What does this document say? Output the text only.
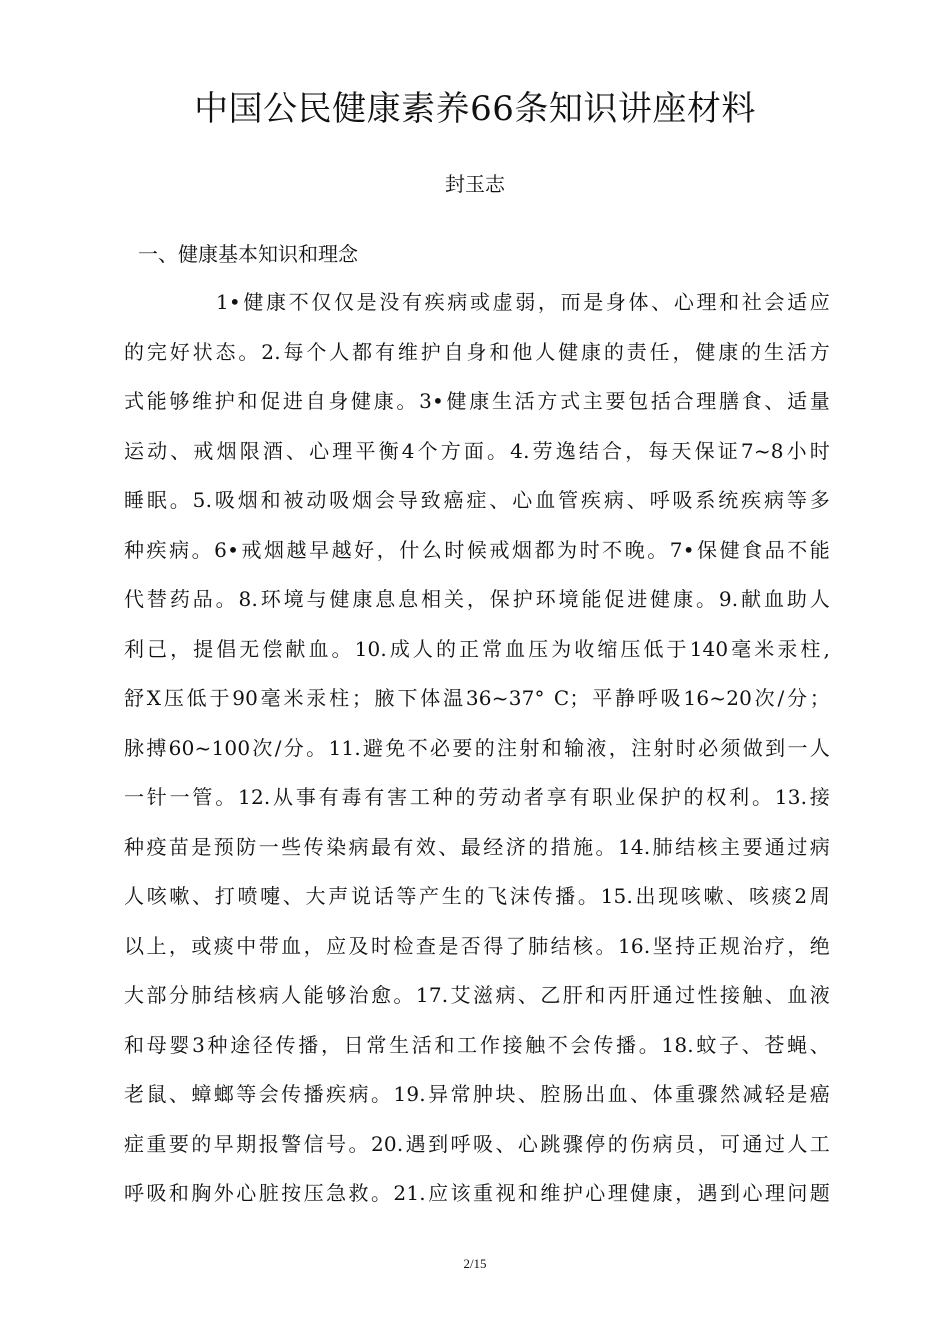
中国公民健康素养66条知识讲座材料

封玉志

一、健康基本知识和理念
1•健康不仅仅是没有疾病或虚弱，而是身体、心理和社会适应
的完好状态。2.每个人都有维护自身和他人健康的责任，健康的生活方
式能够维护和促进自身健康。3•健康生活方式主要包括合理膳食、适量
运动、戒烟限酒、心理平衡4个方面。4.劳逸结合，每天保证7~8小时
睡眠。5.吸烟和被动吸烟会导致癌症、心血管疾病、呼吸系统疾病等多
种疾病。6•戒烟越早越好，什么时候戒烟都为时不晚。7•保健食品不能
代替药品。8.环境与健康息息相关，保护环境能促进健康。9.献血助人
利己，提倡无偿献血。10.成人的正常血压为收缩压低于140毫米汞柱,
舒X压低于90毫米汞柱；腋下体温36~37° C；平静呼吸16~20次/分；
脉搏60~100次/分。11.避免不必要的注射和输液，注射时必须做到一人
一针一管。12.从事有毒有害工种的劳动者享有职业保护的权利。13.接
种疫苗是预防一些传染病最有效、最经济的措施。14.肺结核主要通过病
人咳嗽、打喷嚏、大声说话等产生的飞沫传播。15.出现咳嗽、咳痰2周
以上，或痰中带血，应及时检查是否得了肺结核。16.坚持正规治疗，绝
大部分肺结核病人能够治愈。17.艾滋病、乙肝和丙肝通过性接触、血液
和母婴3种途径传播，日常生活和工作接触不会传播。18.蚊子、苍蝇、
老鼠、蟑螂等会传播疾病。19.异常肿块、腔肠出血、体重骤然减轻是癌
症重要的早期报警信号。20.遇到呼吸、心跳骤停的伤病员，可通过人工
呼吸和胸外心脏按压急救。21.应该重视和维护心理健康，遇到心理问题

2/15
